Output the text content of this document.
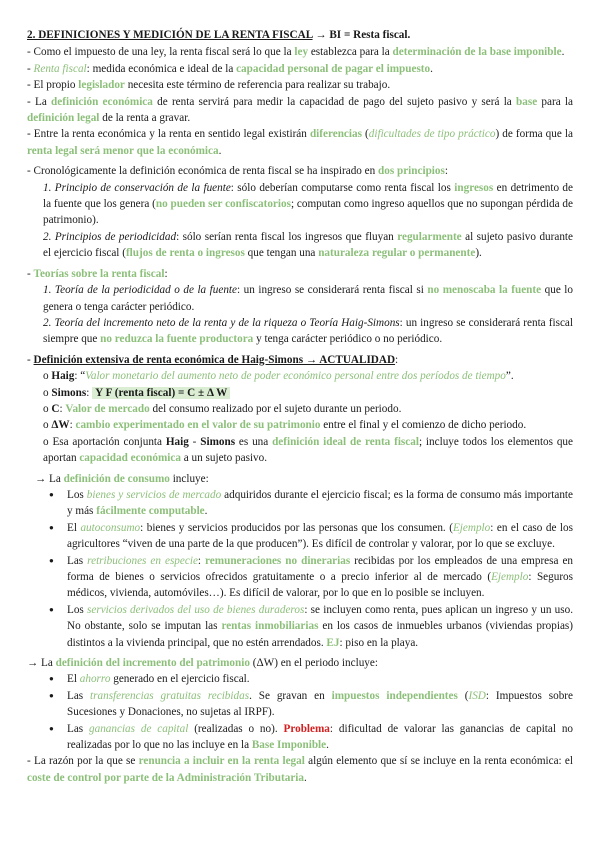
2. DEFINICIONES Y MEDICIÓN DE LA RENTA FISCAL → BI = Resta fiscal.
- Como el impuesto de una ley, la renta fiscal será lo que la ley establezca para la determinación de la base imponible.
- Renta fiscal: medida económica e ideal de la capacidad personal de pagar el impuesto.
- El propio legislador necesita este término de referencia para realizar su trabajo.
- La definición económica de renta servirá para medir la capacidad de pago del sujeto pasivo y será la base para la definición legal de la renta a gravar.
- Entre la renta económica y la renta en sentido legal existirán diferencias (dificultades de tipo práctico) de forma que la renta legal será menor que la económica.
- Cronológicamente la definición económica de renta fiscal se ha inspirado en dos principios:
1. Principio de conservación de la fuente: sólo deberían computarse como renta fiscal los ingresos en detrimento de la fuente que los genera (no pueden ser confiscatorios; computan como ingreso aquellos que no supongan pérdida de patrimonio).
2. Principios de periodicidad: sólo serían renta fiscal los ingresos que fluyan regularmente al sujeto pasivo durante el ejercicio fiscal (flujos de renta o ingresos que tengan una naturaleza regular o permanente).
- Teorías sobre la renta fiscal:
1. Teoría de la periodicidad o de la fuente: un ingreso se considerará renta fiscal si no menoscaba la fuente que lo genera o tenga carácter periódico.
2. Teoría del incremento neto de la renta y de la riqueza o Teoría Haig-Simons: un ingreso se considerará renta fiscal siempre que no reduzca la fuente productora y tenga carácter periódico o no periódico.
- Definición extensiva de renta económica de Haig-Simons → ACTUALIDAD:
o Haig: “Valor monetario del aumento neto de poder económico personal entre dos períodos de tiempo”.
o Simons: Y F (renta fiscal) = C ± Δ W
o C: Valor de mercado del consumo realizado por el sujeto durante un periodo.
o ΔW: cambio experimentado en el valor de su patrimonio entre el final y el comienzo de dicho periodo.
o Esa aportación conjunta Haig - Simons es una definición ideal de renta fiscal; incluye todos los elementos que aportan capacidad económica a un sujeto pasivo.
→ La definición de consumo incluye:
● Los bienes y servicios de mercado adquiridos durante el ejercicio fiscal; es la forma de consumo más importante y más fácilmente computable.
● El autoconsumo: bienes y servicios producidos por las personas que los consumen. (Ejemplo: en el caso de los agricultores “viven de una parte de la que producen”). Es difícil de controlar y valorar, por lo que se excluye.
● Las retribuciones en especie: remuneraciones no dinerarias recibidas por los empleados de una empresa en forma de bienes o servicios ofrecidos gratuitamente o a precio inferior al de mercado (Ejemplo: Seguros médicos, vivienda, automóviles…). Es difícil de valorar, por lo que en lo posible se incluyen.
● Los servicios derivados del uso de bienes duraderos: se incluyen como renta, pues aplican un ingreso y un uso. No obstante, solo se imputan las rentas inmobiliarias en los casos de inmuebles urbanos (viviendas propias) distintos a la vivienda principal, que no estén arrendados. EJ: piso en la playa.
→ La definición del incremento del patrimonio (ΔW) en el periodo incluye:
● El ahorro generado en el ejercicio fiscal.
● Las transferencias gratuitas recibidas. Se gravan en impuestos independientes (ISD: Impuestos sobre Sucesiones y Donaciones, no sujetas al IRPF).
● Las ganancias de capital (realizadas o no). Problema: dificultad de valorar las ganancias de capital no realizadas por lo que no las incluye en la Base Imponible.
- La razón por la que se renuncia a incluir en la renta legal algún elemento que sí se incluye en la renta económica: el coste de control por parte de la Administración Tributaria.
